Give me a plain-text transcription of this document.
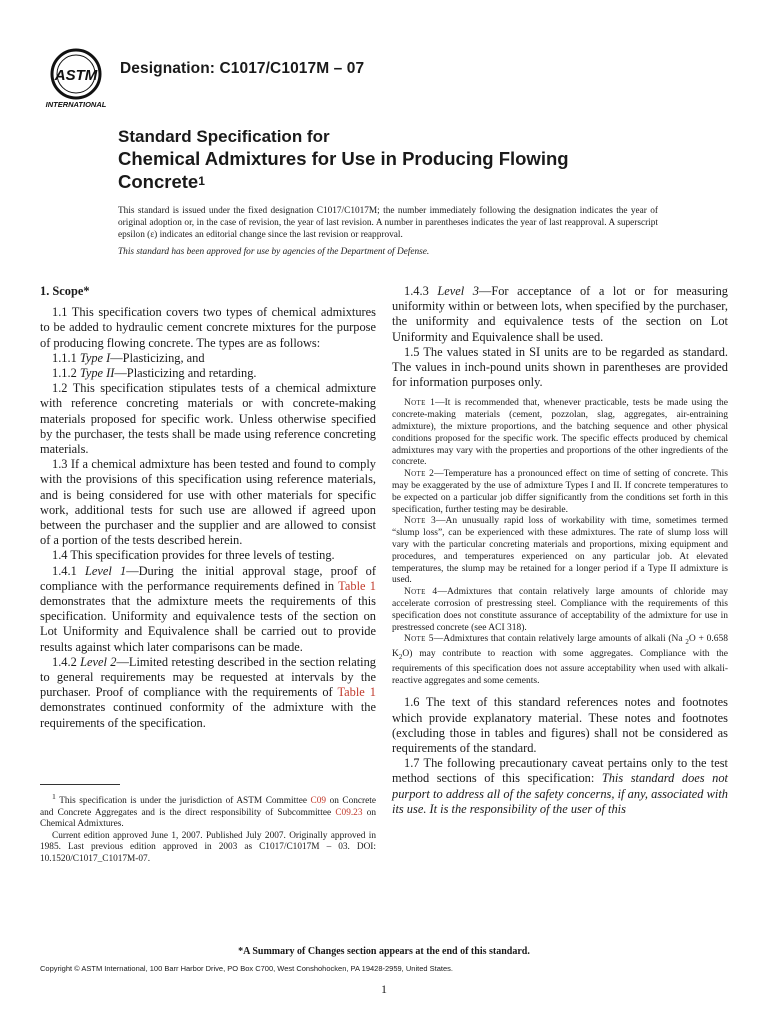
ASTM
INTERNATIONAL
Designation: C1017/C1017M – 07
Standard Specification for
Chemical Admixtures for Use in Producing Flowing
Concrete$^1$
This standard is issued under the fixed designation C1017/C1017M; the number immediately following the designation indicates the year of original adoption or, in the case of revision, the year of last revision. A number in parentheses indicates the year of last reapproval. A superscript epsilon (ε) indicates an editorial change since the last revision or reapproval.
This standard has been approved for use by agencies of the Department of Defense.

1. Scope*

1.1 This specification covers two types of chemical admixtures to be added to hydraulic cement concrete mixtures for the purpose of producing flowing concrete. The types are as follows:

1.1.1 Type I—Plasticizing, and

1.1.2 Type II—Plasticizing and retarding.

1.2 This specification stipulates tests of a chemical admixture with reference concreting materials or with concrete-making materials proposed for specific work. Unless otherwise specified by the purchaser, the tests shall be made using reference concreting materials.

1.3 If a chemical admixture has been tested and found to comply with the provisions of this specification using reference materials, and is being considered for use with other materials for specific work, additional tests for such use are allowed if agreed upon between the purchaser and the supplier and are allowed to consist of a portion of the tests described herein.

1.4 This specification provides for three levels of testing.

1.4.1 Level 1—During the initial approval stage, proof of compliance with the performance requirements defined in Table 1 demonstrates that the admixture meets the requirements of this specification. Uniformity and equivalence tests of the section on Lot Uniformity and Equivalence shall be carried out to provide results against which later comparisons can be made.

1.4.2 Level 2—Limited retesting described in the section relating to general requirements may be requested at intervals by the purchaser. Proof of compliance with the requirements of Table 1 demonstrates continued conformity of the admixture with the requirements of the specification.

1.4.3 Level 3—For acceptance of a lot or for measuring uniformity within or between lots, when specified by the purchaser, the uniformity and equivalence tests of the section on Lot Uniformity and Equivalence shall be used.

1.5 The values stated in SI units are to be regarded as standard. The values in inch-pound units shown in parentheses are provided for information purposes only.

Note 1—It is recommended that, whenever practicable, tests be made using the concrete-making materials (cement, pozzolan, slag, aggregates, air-entraining admixture), the mixture proportions, and the batching sequence and other physical conditions proposed for the specific work. The specific effects produced by chemical admixtures may vary with the properties and proportions of the other ingredients of the concrete.

Note 2—Temperature has a pronounced effect on time of setting of concrete. This may be exaggerated by the use of admixture Types I and II. If concrete temperatures to be expected on a particular job differ significantly from the conditions set forth in this specification, further testing may be desirable.

Note 3—An unusually rapid loss of workability with time, sometimes termed “slump loss”, can be experienced with these admixtures. The rate of slump loss will vary with the particular concreting materials and proportions, mixing equipment and procedures, and temperatures experienced on any particular job. At elevated temperatures, the slump may be retained for a longer period if a Type II admixture is used.

Note 4—Admixtures that contain relatively large amounts of chloride may accelerate corrosion of prestressing steel. Compliance with the requirements of this specification does not constitute assurance of acceptability of the admixture for use in prestressed concrete (see ACI 318).

Note 5—Admixtures that contain relatively large amounts of alkali (Na $_2$O + 0.658 $K_2O$) may contribute to reaction with some aggregates. Compliance with the requirements of this specification does not assure acceptability when used with alkali-reactive aggregates and some cements.

1.6 The text of this standard references notes and footnotes which provide explanatory material. These notes and footnotes (excluding those in tables and figures) shall not be considered as requirements of the standard.

1.7 The following precautionary caveat pertains only to the test method sections of this specification: This standard does not purport to address all of the safety concerns, if any, associated with its use. It is the responsibility of the user of this

$^1$ This specification is under the jurisdiction of ASTM Committee C09 on Concrete and Concrete Aggregates and is the direct responsibility of Subcommittee C09.23 on Chemical Admixtures.

Current edition approved June 1, 2007. Published July 2007. Originally approved in 1985. Last previous edition approved in 2003 as C1017/C1017M – 03. DOI: 10.1520/C1017_C1017M-07.

*A Summary of Changes section appears at the end of this standard.
Copyright © ASTM International, 100 Barr Harbor Drive, PO Box C700, West Conshohocken, PA 19428-2959, United States.
1
